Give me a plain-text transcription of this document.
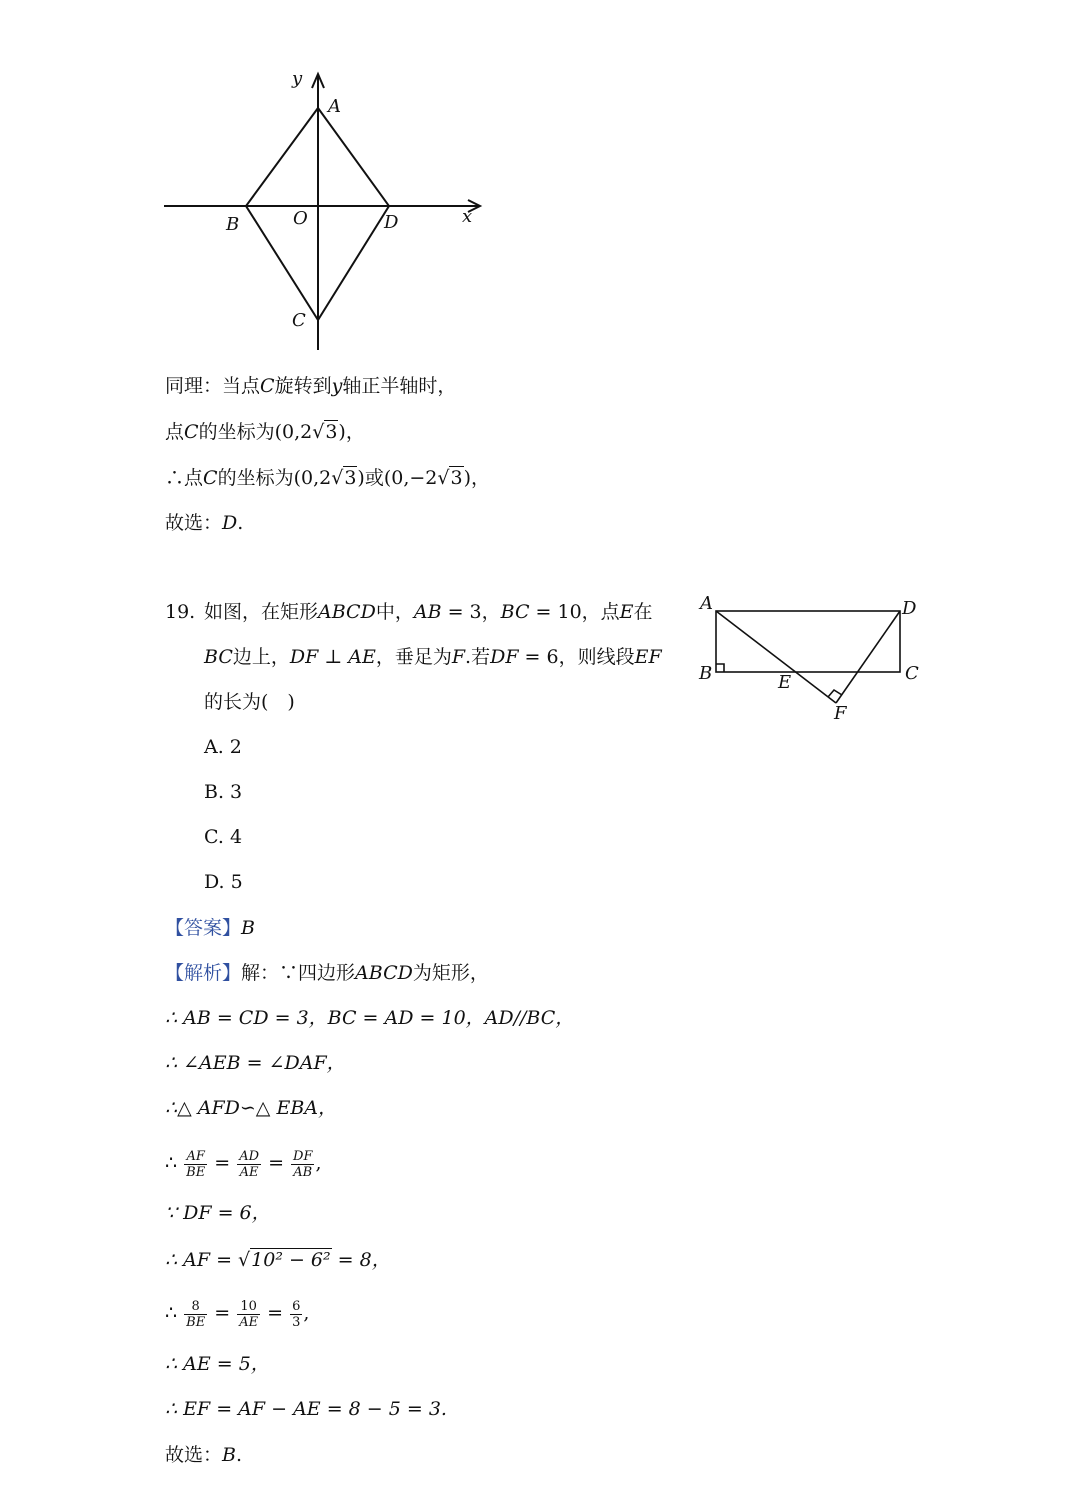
y
x
A
B	O	D
C
同理：当点C旋转到y轴正半轴时，
点C的坐标为(0,2√3)，
∴点C的坐标为(0,2√3)或(0,−2√3)，
故选：D.
19. 如图，在矩形ABCD中，AB = 3，BC = 10，点E在
BC边上，DF ⊥ AE，垂足为F.若DF = 6，则线段EF
的长为(　)
A. 2
B. 3
C. 4
D. 5
A	D
B	C
E
F
【答案】B
【解析】解：∵四边形ABCD为矩形，
∴ AB = CD = 3，BC = AD = 10，AD//BC，
∴ ∠AEB = ∠DAF，
∴△ AFD∽△ EBA，
∴ $\frac{AF}{BE} = \frac{AD}{AE} = \frac{DF}{AB}$ ,
∵ DF = 6，
∴ AF = √10² − 6² = 8，
∴ $\frac{8}{BE} = \frac{10}{AE} = \frac{6}{3}$ ,
∴ AE = 5，
∴ EF = AF − AE = 8 − 5 = 3.
故选：B.
